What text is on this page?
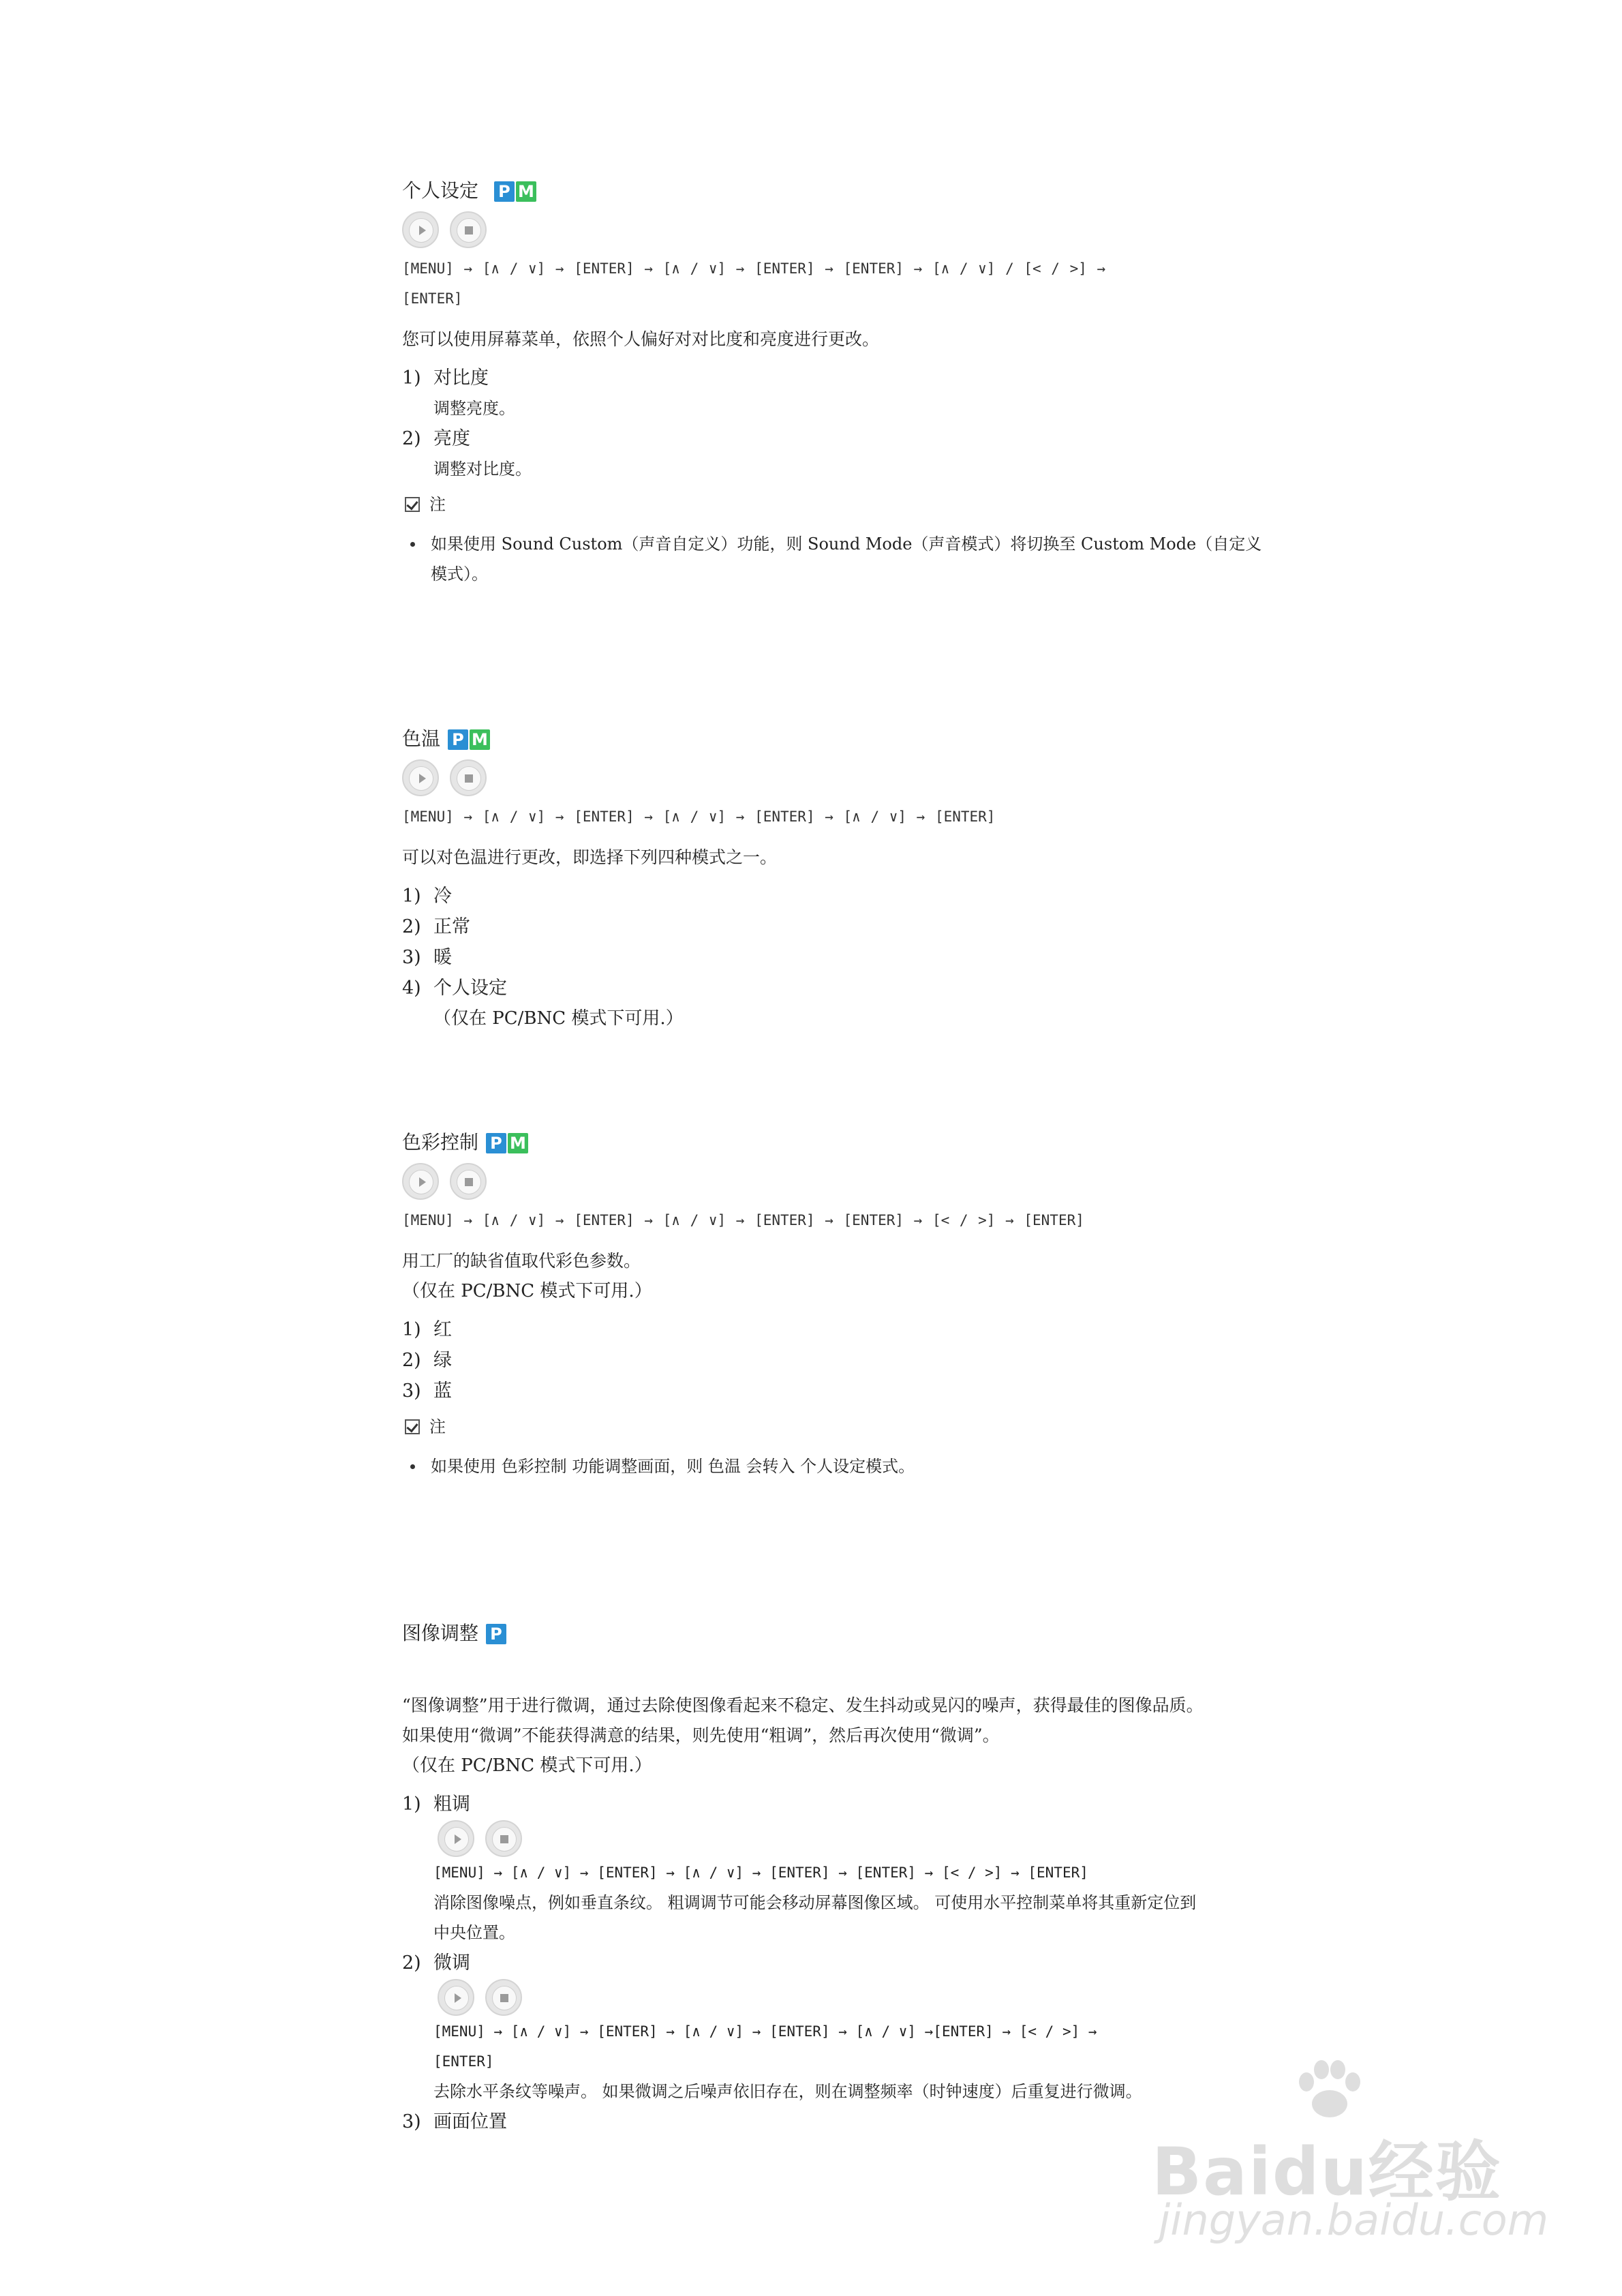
个人设定 P M
[MENU] → [∧ / ∨] → [ENTER] → [∧ / ∨] → [ENTER] → [ENTER] → [∧ / ∨] / [< / >] →
[ENTER]
您可以使用屏幕菜单，依照个人偏好对对比度和亮度进行更改。
1) 对比度
调整亮度。
2) 亮度
调整对比度。
注
如果使用 Sound Custom（声音自定义）功能，则 Sound Mode（声音模式）将切换至 Custom Mode（自定义
模式）。
色温 P M
[MENU] → [∧ / ∨] → [ENTER] → [∧ / ∨] → [ENTER] → [∧ / ∨] → [ENTER]
可以对色温进行更改，即选择下列四种模式之一。
1) 冷
2) 正常
3) 暖
4) 个人设定
（仅在 PC/BNC 模式下可用.）
色彩控制 P M
[MENU] → [∧ / ∨] → [ENTER] → [∧ / ∨] → [ENTER] → [ENTER] → [< / >] → [ENTER]
用工厂的缺省值取代彩色参数。
（仅在 PC/BNC 模式下可用.）
1) 红
2) 绿
3) 蓝
注
如果使用 色彩控制 功能调整画面，则 色温 会转入 个人设定模式。
图像调整 P
“图像调整”用于进行微调，通过去除使图像看起来不稳定、发生抖动或晃闪的噪声，获得最佳的图像品质。
如果使用“微调”不能获得满意的结果，则先使用“粗调”，然后再次使用“微调”。
（仅在 PC/BNC 模式下可用.）
1) 粗调
[MENU] → [∧ / ∨] → [ENTER] → [∧ / ∨] → [ENTER] → [ENTER] → [< / >] → [ENTER]
消除图像噪点，例如垂直条纹。 粗调调节可能会移动屏幕图像区域。 可使用水平控制菜单将其重新定位到
中央位置。
2) 微调
[MENU] → [∧ / ∨] → [ENTER] → [∧ / ∨] → [ENTER] → [∧ / ∨] →[ENTER] → [< / >] →
[ENTER]
去除水平条纹等噪声。 如果微调之后噪声依旧存在，则在调整频率（时钟速度）后重复进行微调。
3) 画面位置
Baidu经验
jingyan.baidu.com
